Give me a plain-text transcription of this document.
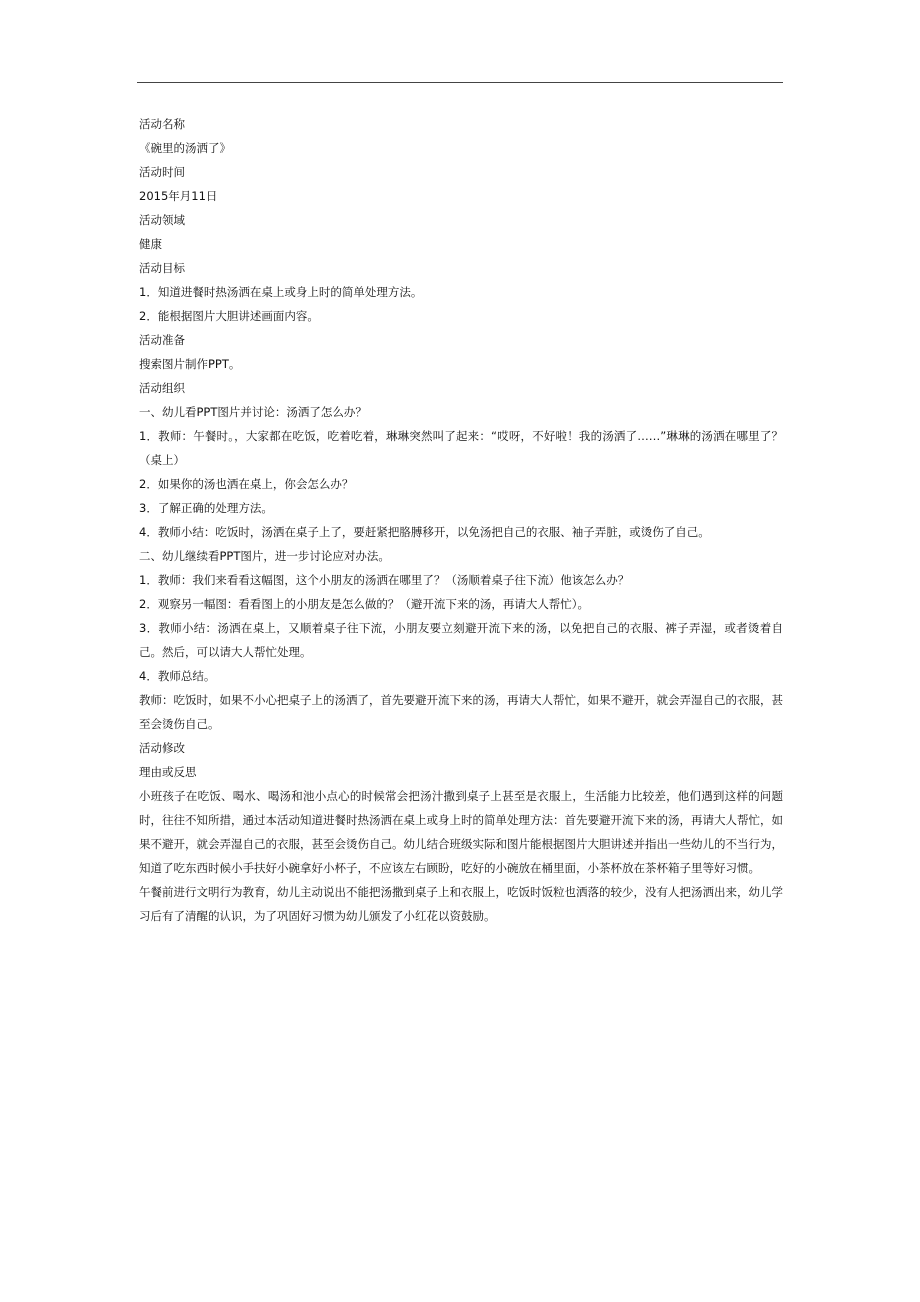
活动名称

《碗里的汤洒了》

活动时间

2015年月11日

活动领域

健康

活动目标

1．知道进餐时热汤洒在桌上或身上时的简单处理方法。

2．能根据图片大胆讲述画面内容。

活动准备

搜索图片制作PPT。

活动组织

一、幼儿看PPT图片并讨论：汤洒了怎么办？

1．教师：午餐时。，大家都在吃饭，吃着吃着，琳琳突然叫了起来：“哎呀，不好啦！我的汤洒了……”琳琳的汤洒在哪里了？（桌上）

2．如果你的汤也洒在桌上，你会怎么办？

3．了解正确的处理方法。

4．教师小结：吃饭时，汤洒在桌子上了，要赶紧把胳膊移开，以免汤把自己的衣服、袖子弄脏，或烫伤了自己。

二、幼儿继续看PPT图片，进一步讨论应对办法。

1．教师：我们来看看这幅图，这个小朋友的汤洒在哪里了？（汤顺着桌子往下流）他该怎么办？

2．观察另一幅图：看看图上的小朋友是怎么做的？（避开流下来的汤，再请大人帮忙）。

3．教师小结：汤洒在桌上，又顺着桌子往下流，小朋友要立刻避开流下来的汤，以免把自己的衣服、裤子弄湿，或者烫着自己。然后，可以请大人帮忙处理。

4．教师总结。

教师：吃饭时，如果不小心把桌子上的汤洒了，首先要避开流下来的汤，再请大人帮忙，如果不避开，就会弄湿自己的衣服，甚至会烫伤自己。

活动修改

理由或反思

小班孩子在吃饭、喝水、喝汤和池小点心的时候常会把汤汁撒到桌子上甚至是衣服上，生活能力比较差，他们遇到这样的问题时，往往不知所措，通过本活动知道进餐时热汤洒在桌上或身上时的简单处理方法：首先要避开流下来的汤，再请大人帮忙，如果不避开，就会弄湿自己的衣服，甚至会烫伤自己。幼儿结合班级实际和图片能根据图片大胆讲述并指出一些幼儿的不当行为，知道了吃东西时候小手扶好小碗拿好小杯子，不应该左右顾盼，吃好的小碗放在桶里面，小茶杯放在茶杯箱子里等好习惯。

午餐前进行文明行为教育，幼儿主动说出不能把汤撒到桌子上和衣服上，吃饭时饭粒也洒落的较少，没有人把汤洒出来，幼儿学习后有了清醒的认识，为了巩固好习惯为幼儿颁发了小红花以资鼓励。
